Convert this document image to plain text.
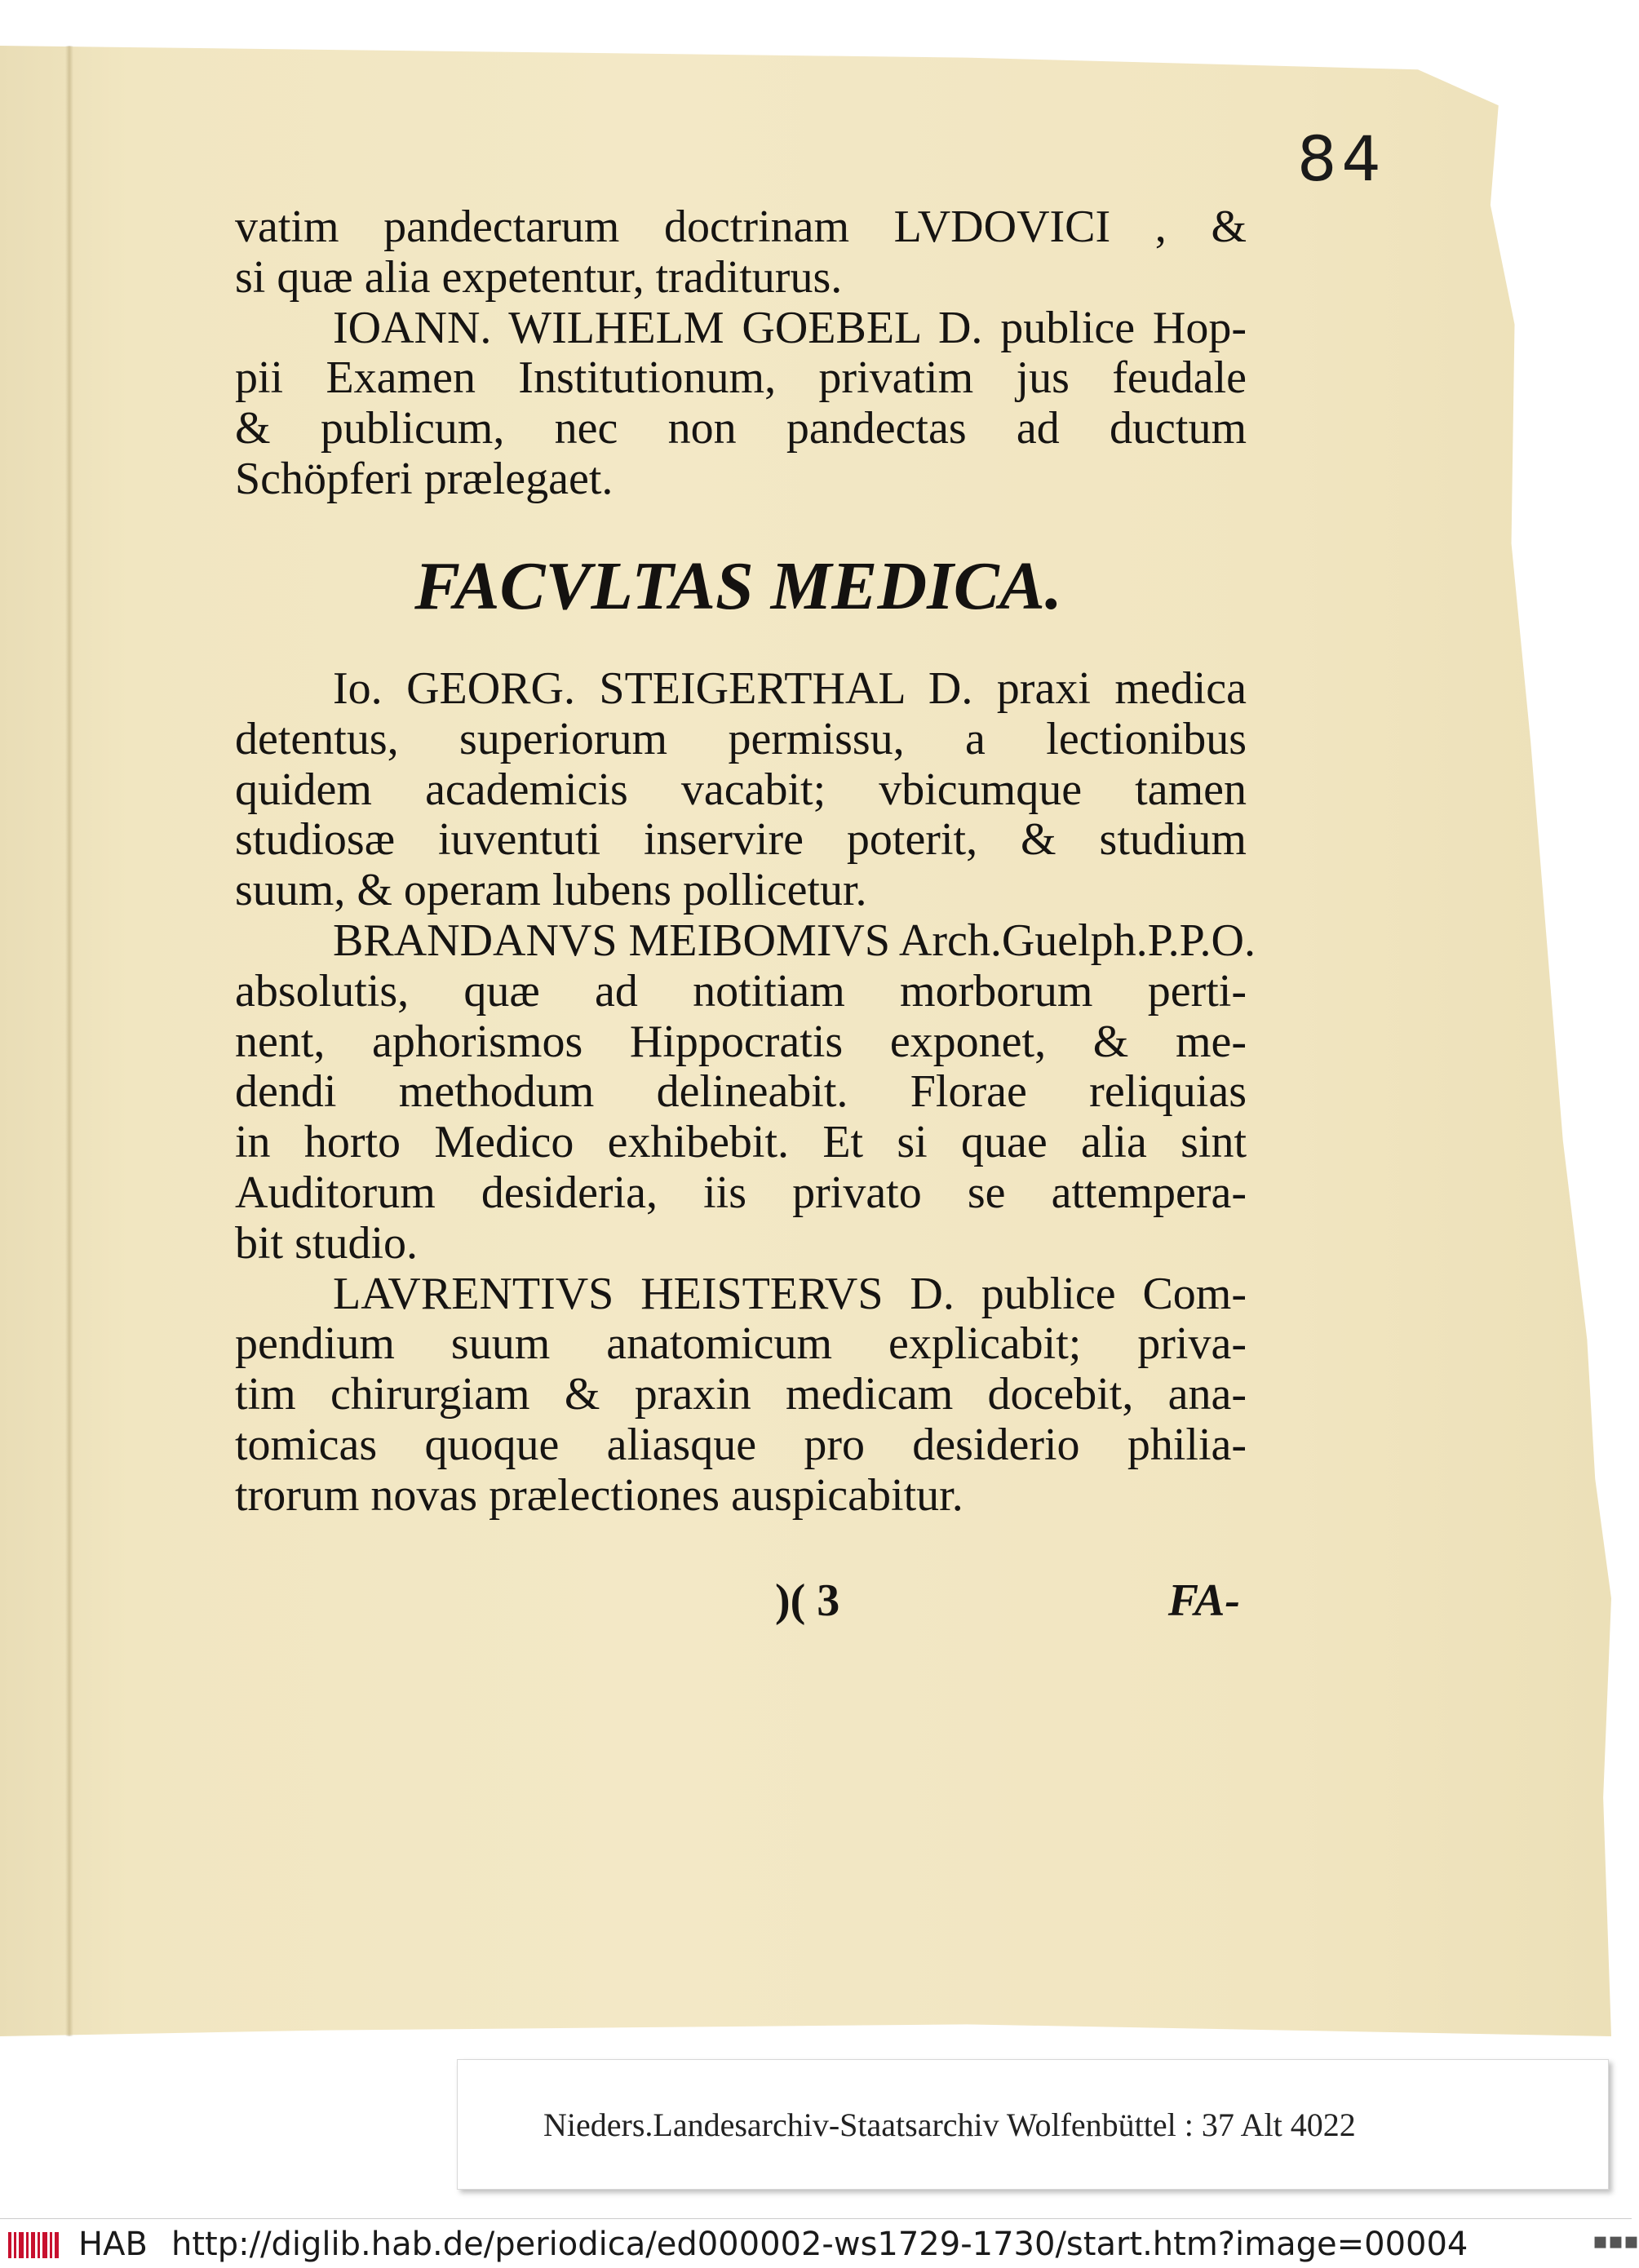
84
vatim pandectarum doctrinam LVDOVICI , &
si quæ alia expetentur, traditurus.
IOANN. WILHELM GOEBEL D. publice Hop-
pii Examen Institutionum, privatim jus feudale
& publicum, nec non pandectas ad ductum
Schöpferi prælegaet.
FACVLTAS MEDICA.
Io. GEORG. STEIGERTHAL D. praxi medica
detentus, superiorum permissu, a lectionibus
quidem academicis vacabit; vbicumque tamen
studiosæ iuventuti inservire poterit, & studium
suum, & operam lubens pollicetur.
BRANDANVS MEIBOMIVS Arch.Guelph.P.P.O.
absolutis, quæ ad notitiam morborum perti-
nent, aphorismos Hippocratis exponet, & me-
dendi methodum delineabit. Florae reliquias
in horto Medico exhibebit. Et si quae alia sint
Auditorum desideria, iis privato se attempera-
bit studio.
LAVRENTIVS HEISTERVS D. publice Com-
pendium suum anatomicum explicabit; priva-
tim chirurgiam & praxin medicam docebit, ana-
tomicas quoque aliasque pro desiderio philia-
trorum novas prælectiones auspicabitur.
)( 3	FA-
Nieders.Landesarchiv-Staatsarchiv Wolfenbüttel : 37 Alt 4022
HAB http://diglib.hab.de/periodica/ed000002-ws1729-1730/start.htm?image=00004	▪▪▪
